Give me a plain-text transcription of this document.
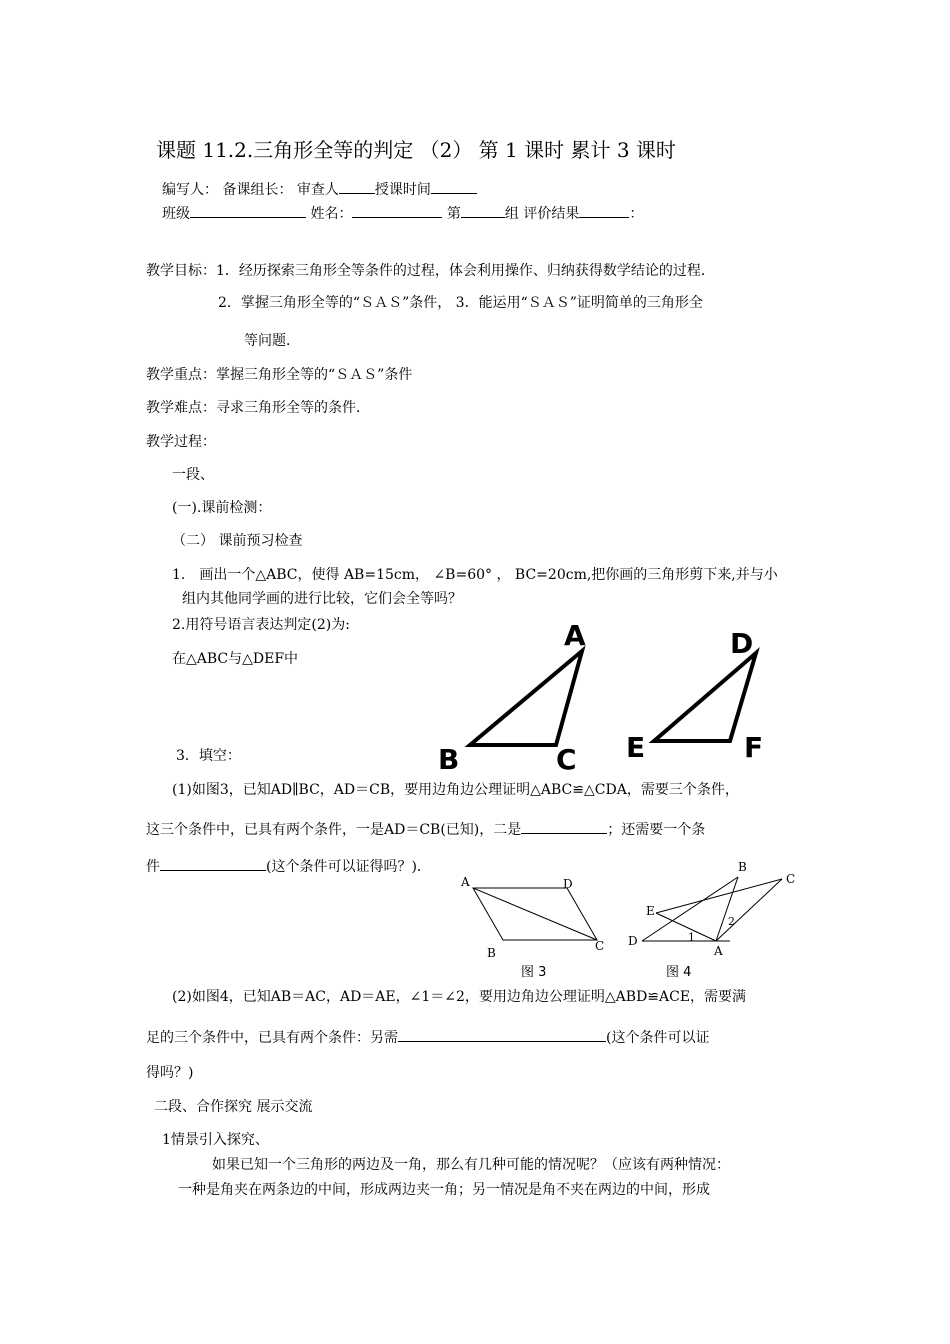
课题 11.2.三角形全等的判定 （2） 第 1 课时 累计 3 课时
编写人： 备课组长： 审查人	授课时间
班级	姓名：	第	组 评价结果	：
教学目标：1．经历探索三角形全等条件的过程，体会利用操作、归纳获得数学结论的过程．
2．掌握三角形全等的“ＳＡＳ”条件， 3．能运用“ＳＡＳ”证明简单的三角形全
等问题．
教学重点：掌握三角形全等的“ＳＡＳ”条件
教学难点：寻求三角形全等的条件．
教学过程：
一段、
(一).课前检测：
（二） 课前预习检查
1． 画出一个△ABC，使得 AB=15cm， ∠B=60° ， BC=20cm,把你画的三角形剪下来,并与小
组内其他同学画的进行比较，它们会全等吗？
2.用符号语言表达判定(2)为:
在△ABC与△DEF中
A
B	C
D
E	F
3．填空：
(1)如图3，已知AD∥BC，AD＝CB，要用边角边公理证明△ABC≌△CDA，需要三个条件，
这三个条件中，已具有两个条件，一是AD＝CB(已知)，二是	；还需要一个条
件	(这个条件可以证得吗？)．
A	D
B	C
图 3
B
C
E
D
A
1
2
图 4
(2)如图4，已知AB＝AC，AD＝AE，∠1＝∠2，要用边角边公理证明△ABD≌ACE，需要满
足的三个条件中，已具有两个条件：另需	(这个条件可以证
得吗？)
二段、合作探究 展示交流
1情景引入探究、
如果已知一个三角形的两边及一角，那么有几种可能的情况呢？（应该有两种情况：
一种是角夹在两条边的中间，形成两边夹一角；另一情况是角不夹在两边的中间，形成
